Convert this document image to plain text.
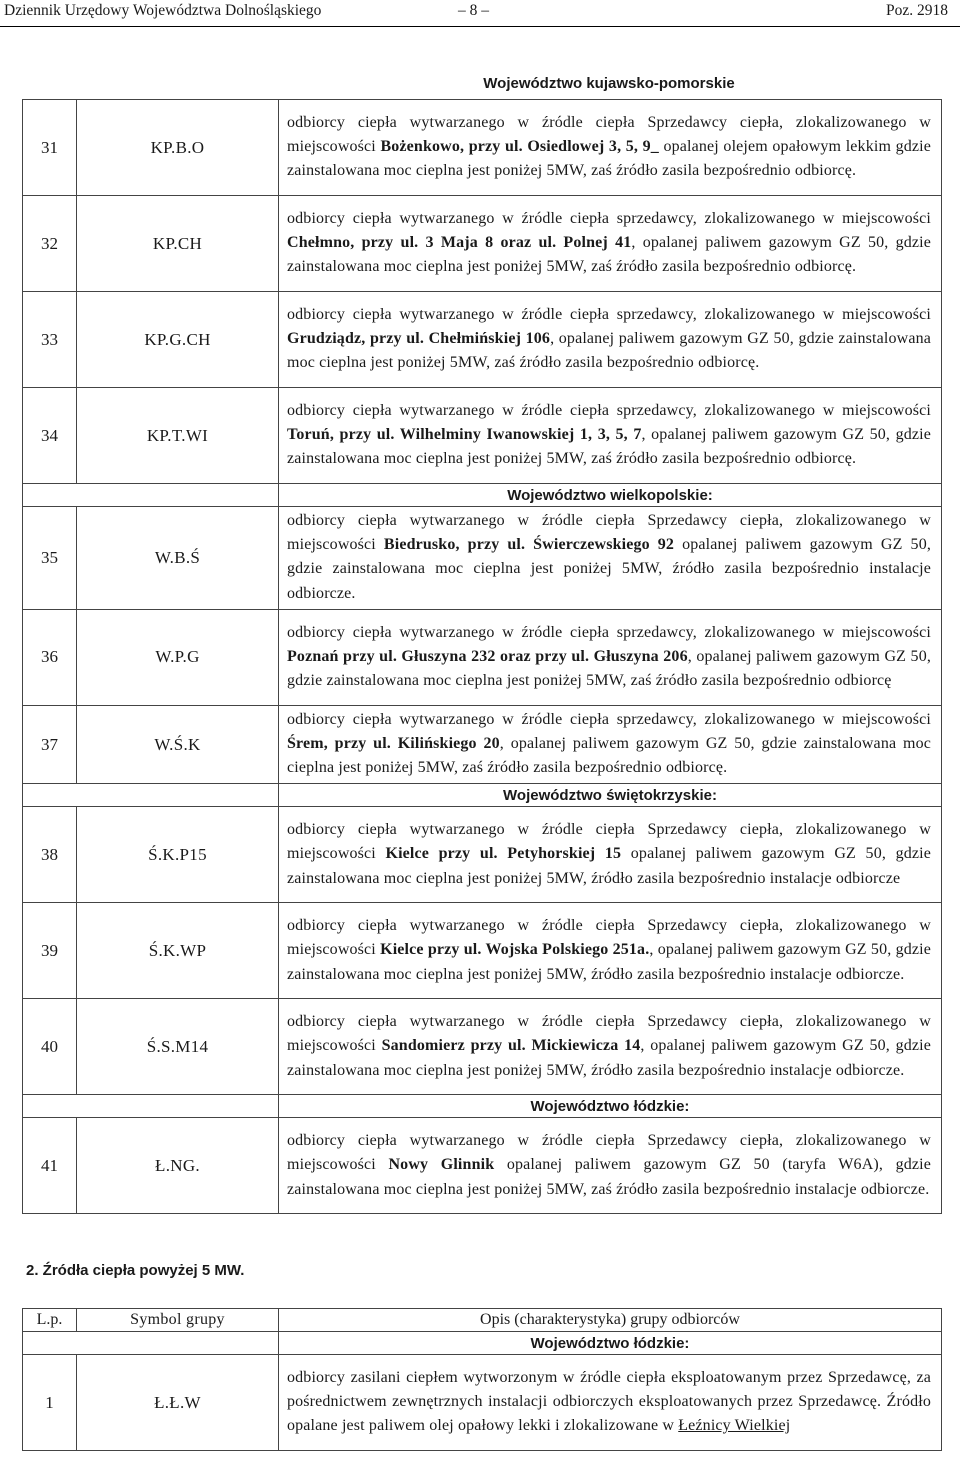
Dziennik Urzędowy Województwa Dolnośląskiego	– 8 –	Poz. 2918
31	KP.B.O	odbiorcy ciepła wytwarzanego w źródle ciepła Sprzedawcy ciepła, zlokalizowanego w miejscowości Bożenkowo, przy ul. Osiedlowej 3, 5, 9_ opalanej olejem opałowym lekkim gdzie zainstalowana moc cieplna jest poniżej 5MW, zaś źródło zasila bezpośrednio odbiorcę.
32	KP.CH	odbiorcy ciepła wytwarzanego w źródle ciepła sprzedawcy, zlokalizowanego w miejscowości Chełmno, przy ul. 3 Maja 8 oraz ul. Polnej 41, opalanej paliwem gazowym GZ 50, gdzie zainstalowana moc cieplna jest poniżej 5MW, zaś źródło zasila bezpośrednio odbiorcę.
33	KP.G.CH	odbiorcy ciepła wytwarzanego w źródle ciepła sprzedawcy, zlokalizowanego w miejscowości Grudziądz, przy ul. Chełmińskiej 106, opalanej paliwem gazowym GZ 50, gdzie zainstalowana moc cieplna jest poniżej 5MW, zaś źródło zasila bezpośrednio odbiorcę.
34	KP.T.WI	odbiorcy ciepła wytwarzanego w źródle ciepła sprzedawcy, zlokalizowanego w miejscowości Toruń, przy ul. Wilhelminy Iwanowskiej 1, 3, 5, 7, opalanej paliwem gazowym GZ 50, gdzie zainstalowana moc cieplna jest poniżej 5MW, zaś źródło zasila bezpośrednio odbiorcę.
		Województwo wielkopolskie:
35	W.B.Ś	odbiorcy ciepła wytwarzanego w źródle ciepła Sprzedawcy ciepła, zlokalizowanego w miejscowości Biedrusko, przy ul. Świerczewskiego 92 opalanej paliwem gazowym GZ 50, gdzie zainstalowana moc cieplna jest poniżej 5MW, źródło zasila bezpośrednio instalacje odbiorcze.
36	W.P.G	odbiorcy ciepła wytwarzanego w źródle ciepła sprzedawcy, zlokalizowanego w miejscowości Poznań przy ul. Głuszyna 232 oraz przy ul. Głuszyna 206, opalanej paliwem gazowym GZ 50, gdzie zainstalowana moc cieplna jest poniżej 5MW, zaś źródło zasila bezpośrednio odbiorcę
37	W.Ś.K	odbiorcy ciepła wytwarzanego w źródle ciepła sprzedawcy, zlokalizowanego w miejscowości Śrem, przy ul. Kilińskiego 20, opalanej paliwem gazowym GZ 50, gdzie zainstalowana moc cieplna jest poniżej 5MW, zaś źródło zasila bezpośrednio odbiorcę.
		Województwo świętokrzyskie:
38	Ś.K.P15	odbiorcy ciepła wytwarzanego w źródle ciepła Sprzedawcy ciepła, zlokalizowanego w miejscowości Kielce przy ul. Petyhorskiej 15 opalanej paliwem gazowym GZ 50, gdzie zainstalowana moc cieplna jest poniżej 5MW, źródło zasila bezpośrednio instalacje odbiorcze
39	Ś.K.WP	odbiorcy ciepła wytwarzanego w źródle ciepła Sprzedawcy ciepła, zlokalizowanego w miejscowości Kielce przy ul. Wojska Polskiego 251a., opalanej paliwem gazowym GZ 50, gdzie zainstalowana moc cieplna jest poniżej 5MW, źródło zasila bezpośrednio instalacje odbiorcze.
40	Ś.S.M14	odbiorcy ciepła wytwarzanego w źródle ciepła Sprzedawcy ciepła, zlokalizowanego w miejscowości Sandomierz przy ul. Mickiewicza 14, opalanej paliwem gazowym GZ 50, gdzie zainstalowana moc cieplna jest poniżej 5MW, źródło zasila bezpośrednio instalacje odbiorcze.
		Województwo łódzkie:
41	Ł.NG.	odbiorcy ciepła wytwarzanego w źródle ciepła Sprzedawcy ciepła, zlokalizowanego w miejscowości Nowy Glinnik opalanej paliwem gazowym GZ 50 (taryfa W6A), gdzie zainstalowana moc cieplna jest poniżej 5MW, zaś źródło zasila bezpośrednio instalacje odbiorcze.
2. Źródła ciepła powyżej 5 MW.
L.p.	Symbol grupy	Opis (charakterystyka) grupy odbiorców
		Województwo łódzkie:
1	Ł.Ł.W	odbiorcy zasilani ciepłem wytworzonym w źródle ciepła eksploatowanym przez Sprzedawcę, za pośrednictwem zewnętrznych instalacji odbiorczych eksploatowanych przez Sprzedawcę. Źródło opalane jest paliwem olej opałowy lekki i zlokalizowane w Łeźnicy Wielkiej
Województwo kujawsko-pomorskie
